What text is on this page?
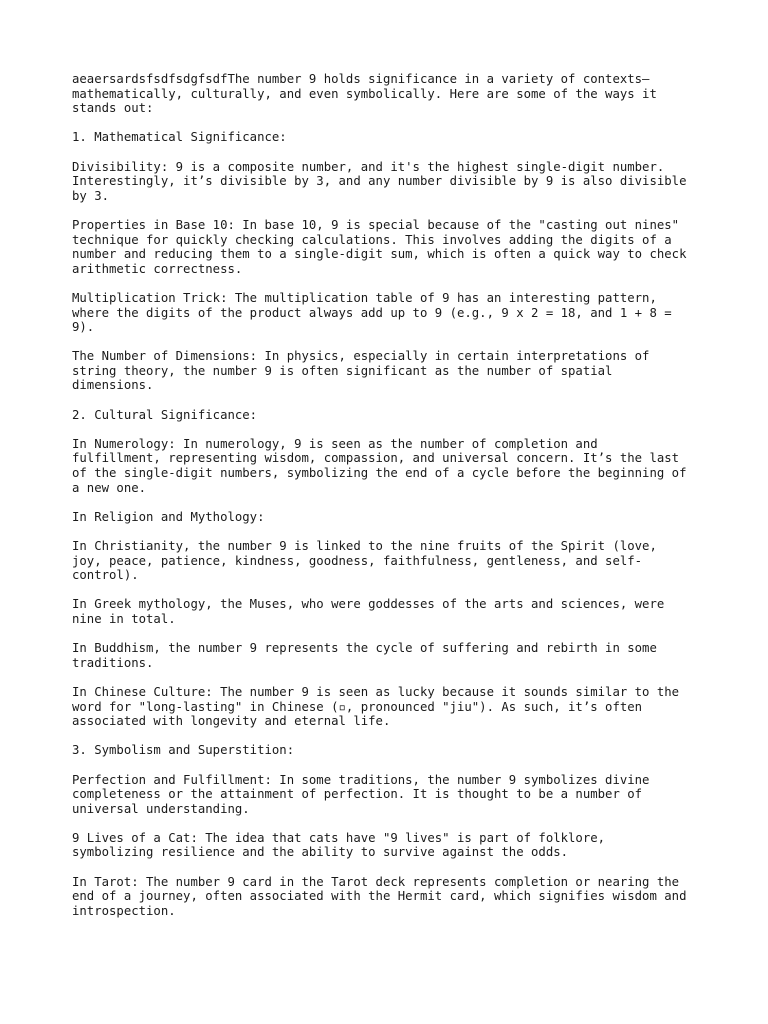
aeaersardsfsdfsdgfsdfThe number 9 holds significance in a variety of contexts—
mathematically, culturally, and even symbolically. Here are some of the ways it
stands out:

1. Mathematical Significance:

Divisibility: 9 is a composite number, and it's the highest single-digit number.
Interestingly, it’s divisible by 3, and any number divisible by 9 is also divisible
by 3.

Properties in Base 10: In base 10, 9 is special because of the "casting out nines"
technique for quickly checking calculations. This involves adding the digits of a
number and reducing them to a single-digit sum, which is often a quick way to check
arithmetic correctness.

Multiplication Trick: The multiplication table of 9 has an interesting pattern,
where the digits of the product always add up to 9 (e.g., 9 x 2 = 18, and 1 + 8 =
9).

The Number of Dimensions: In physics, especially in certain interpretations of
string theory, the number 9 is often significant as the number of spatial
dimensions.

2. Cultural Significance:

In Numerology: In numerology, 9 is seen as the number of completion and
fulfillment, representing wisdom, compassion, and universal concern. It’s the last
of the single-digit numbers, symbolizing the end of a cycle before the beginning of
a new one.

In Religion and Mythology:

In Christianity, the number 9 is linked to the nine fruits of the Spirit (love,
joy, peace, patience, kindness, goodness, faithfulness, gentleness, and self-
control).

In Greek mythology, the Muses, who were goddesses of the arts and sciences, were
nine in total.

In Buddhism, the number 9 represents the cycle of suffering and rebirth in some
traditions.

In Chinese Culture: The number 9 is seen as lucky because it sounds similar to the
word for "long-lasting" in Chinese (▫, pronounced "jiu"). As such, it’s often
associated with longevity and eternal life.

3. Symbolism and Superstition:

Perfection and Fulfillment: In some traditions, the number 9 symbolizes divine
completeness or the attainment of perfection. It is thought to be a number of
universal understanding.

9 Lives of a Cat: The idea that cats have "9 lives" is part of folklore,
symbolizing resilience and the ability to survive against the odds.

In Tarot: The number 9 card in the Tarot deck represents completion or nearing the
end of a journey, often associated with the Hermit card, which signifies wisdom and
introspection.
